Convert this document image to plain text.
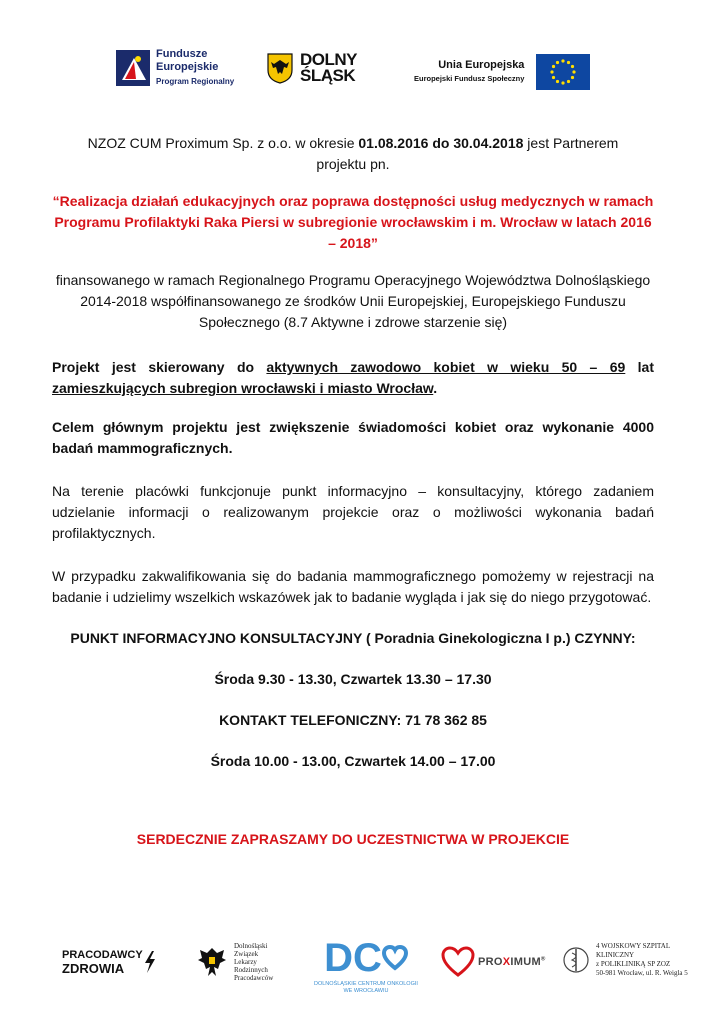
Fundusze
Europejskie
Program Regionalny
DOLNY
ŚLĄSK
Unia Europejska
Europejski Fundusz Społeczny

NZOZ CUM Proximum Sp. z o.o. w okresie 01.08.2016 do 30.04.2018 jest Partnerem projektu pn.

“Realizacja działań edukacyjnych oraz poprawa dostępności usług medycznych w ramach Programu Profilaktyki Raka Piersi w subregionie wrocławskim i m. Wrocław w latach 2016 – 2018”

finansowanego w ramach Regionalnego Programu Operacyjnego Województwa Dolnośląskiego 2014-2018 współfinansowanego ze środków Unii Europejskiej, Europejskiego Funduszu Społecznego (8.7 Aktywne i zdrowe starzenie się)

Projekt jest skierowany do aktywnych zawodowo kobiet w wieku 50 – 69 lat zamieszkujących subregion wrocławski i miasto Wrocław.

Celem głównym projektu jest zwiększenie świadomości kobiet oraz wykonanie 4000 badań mammograficznych.

Na terenie placówki funkcjonuje punkt informacyjno – konsultacyjny, którego zadaniem udzielanie informacji o realizowanym projekcie oraz o możliwości wykonania badań profilaktycznych.

W przypadku zakwalifikowania się do badania mammograficznego pomożemy w rejestracji na badanie i udzielimy wszelkich wskazówek jak to badanie wygląda i jak się do niego przygotować.

PUNKT INFORMACYJNO KONSULTACYJNY ( Poradnia Ginekologiczna I p.) CZYNNY:

Środa 9.30 - 13.30, Czwartek 13.30 – 17.30

KONTAKT TELEFONICZNY: 71 78 362 85

Środa 10.00 - 13.00, Czwartek 14.00 – 17.00

SERDECZNIE ZAPRASZAMY DO UCZESTNICTWA W PROJEKCIE

PRACODAWCY
ZDROWIA
Dolnośląski
Związek
Lekarzy
Rodzinnych
Pracodawców DC
DOLNOŚLĄSKIE CENTRUM ONKOLOGII
WE WROCŁAWIU
PROXIMUM®
4 WOJSKOWY SZPITAL
KLINICZNY
z POLIKLINIKĄ SP ZOZ
50-981 Wrocław, ul. R. Weigla 5
